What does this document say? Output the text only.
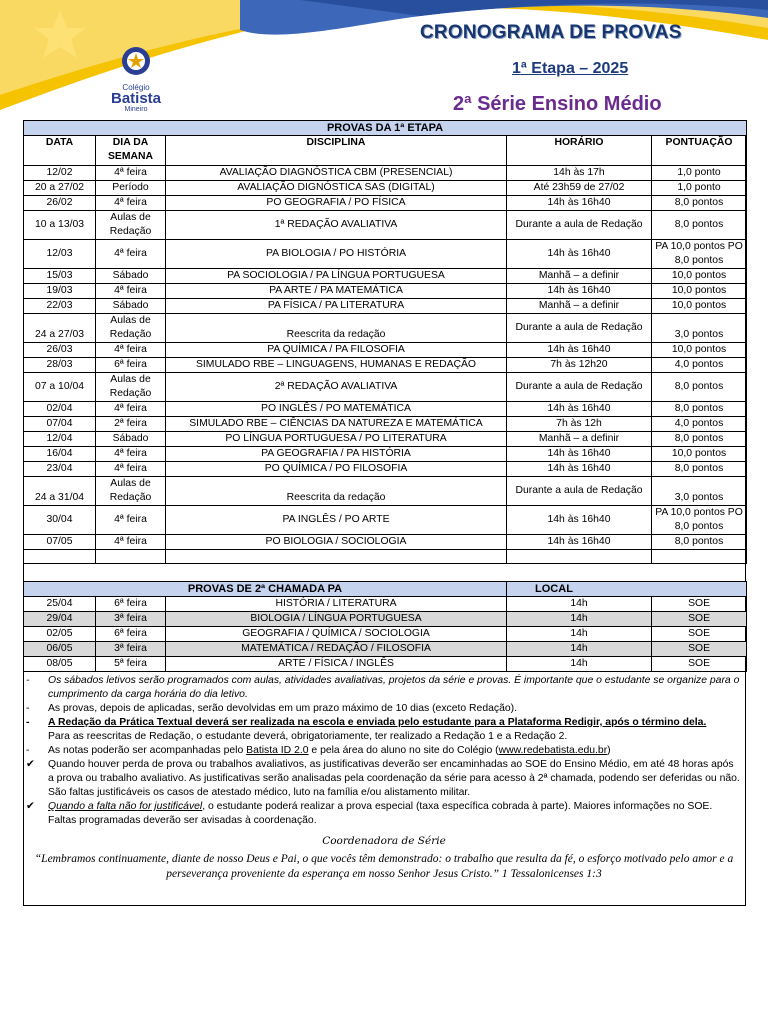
Colégio
Batista
Mineiro
CRONOGRAMA DE PROVAS
1ª Etapa – 2025
2ª Série Ensino Médio
PROVAS DA 1ª ETAPA				
DATA	DIA DA SEMANA	DISCIPLINA	HORÁRIO	PONTUAÇÃO
12/02	4ª feira	AVALIAÇÃO DIAGNÓSTICA CBM (PRESENCIAL)	14h às 17h	1,0 ponto
20 a 27/02	Período	AVALIAÇÃO DIGNÓSTICA SAS (DIGITAL)	Até 23h59 de 27/02	1,0 ponto
26/02	4ª feira	PO GEOGRAFIA / PO FÍSICA	14h às 16h40	8,0 pontos
10 a 13/03	Aulas de Redação	1ª REDAÇÃO AVALIATIVA	Durante a aula de Redação	8,0 pontos
12/03	4ª feira	PA BIOLOGIA / PO HISTÓRIA	14h às 16h40	PA 10,0 pontos PO 8,0 pontos
15/03	Sábado	PA SOCIOLOGIA / PA LÍNGUA PORTUGUESA	Manhã – a definir	10,0 pontos
19/03	4ª feira	PA ARTE / PA MATEMÁTICA	14h às 16h40	10,0 pontos
22/03	Sábado	PA FÍSICA / PA LITERATURA	Manhã – a definir	10,0 pontos
24 a 27/03	Aulas de Redação	Reescrita da redação	Durante a aula de Redação	3,0 pontos
26/03	4ª feira	PA QUÍMICA / PA FILOSOFIA	14h às 16h40	10,0 pontos
28/03	6ª feira	SIMULADO RBE – LINGUAGENS, HUMANAS E REDAÇÃO	7h às 12h20	4,0 pontos
07 a 10/04	Aulas de Redação	2ª REDAÇÃO AVALIATIVA	Durante a aula de Redação	8,0 pontos
02/04	4ª feira	PO INGLÊS / PO MATEMÁTICA	14h às 16h40	8,0 pontos
07/04	2ª feira	SIMULADO RBE – CIÊNCIAS DA NATUREZA E MATEMÁTICA	7h às 12h	4,0 pontos
12/04	Sábado	PO LÍNGUA PORTUGUESA / PO LITERATURA	Manhã – a definir	8,0 pontos
16/04	4ª feira	PA GEOGRAFIA / PA HISTÓRIA	14h às 16h40	10,0 pontos
23/04	4ª feira	PO QUÍMICA / PO FILOSOFIA	14h às 16h40	8,0 pontos
24 a 31/04	Aulas de Redação	Reescrita da redação	Durante a aula de Redação	3,0 pontos
30/04	4ª feira	PA INGLÊS / PO ARTE	14h às 16h40	PA 10,0 pontos PO 8,0 pontos
07/05	4ª feira	PO BIOLOGIA / SOCIOLOGIA	14h às 16h40	8,0 pontos

PROVAS DE 2ª CHAMADA PA			LOCAL	
25/04	6ª feira	HISTÓRIA / LITERATURA	14h	SOE
29/04	3ª feira	BIOLOGIA / LÍNGUA PORTUGUESA	14h	SOE
02/05	6ª feira	GEOGRAFIA / QUÍMICA / SOCIOLOGIA	14h	SOE
06/05	3ª feira	MATEMÁTICA / REDAÇÃO / FILOSOFIA	14h	SOE
08/05	5ª feira	ARTE / FÍSICA / INGLÊS	14h	SOE
-	Os sábados letivos serão programados com aulas, atividades avaliativas, projetos da série e provas. É importante que o estudante se organize para o cumprimento da carga horária do dia letivo.
-	As provas, depois de aplicadas, serão devolvidas em um prazo máximo de 10 dias (exceto Redação).
-	A Redação da Prática Textual deverá ser realizada na escola e enviada pelo estudante para a Plataforma Redigir, após o término dela.
Para as reescritas de Redação, o estudante deverá, obrigatoriamente, ter realizado a Redação 1 e a Redação 2.
-	As notas poderão ser acompanhadas pelo Batista ID 2.0 e pela área do aluno no site do Colégio (www.redebatista.edu.br)
✔	Quando houver perda de prova ou trabalhos avaliativos, as justificativas deverão ser encaminhadas ao SOE do Ensino Médio, em até 48 horas após a prova ou trabalho avaliativo. As justificativas serão analisadas pela coordenação da série para acesso à 2ª chamada, podendo ser deferidas ou não. São faltas justificáveis os casos de atestado médico, luto na família e/ou alistamento militar.
✔	Quando a falta não for justificável, o estudante poderá realizar a prova especial (taxa específica cobrada à parte). Maiores informações no SOE. Faltas programadas deverão ser avisadas à coordenação.
Coordenadora de Série
“Lembramos continuamente, diante de nosso Deus e Pai, o que vocês têm demonstrado: o trabalho que resulta da fé, o esforço motivado pelo amor e a perseverança proveniente da esperança em nosso Senhor Jesus Cristo.” 1 Tessalonicenses 1:3
